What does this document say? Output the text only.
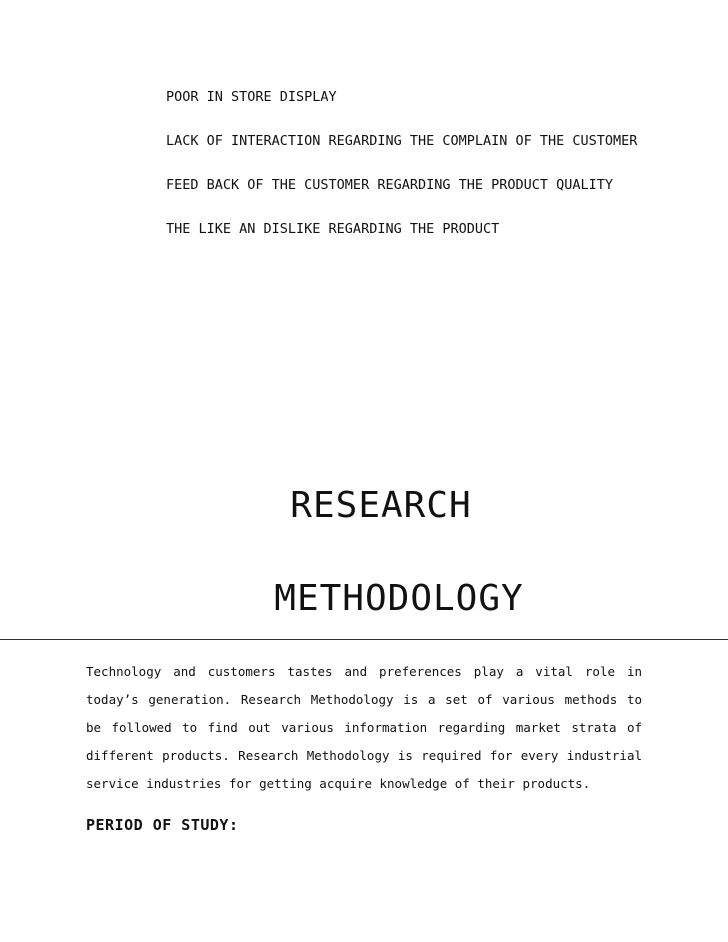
POOR IN STORE DISPLAY
LACK OF INTERACTION REGARDING THE COMPLAIN OF THE CUSTOMER
FEED BACK OF THE CUSTOMER REGARDING THE PRODUCT QUALITY
THE LIKE AN DISLIKE REGARDING THE PRODUCT
RESEARCH
METHODOLOGY

Technology and customers tastes and preferences play a vital role in today’s generation. Research Methodology is a set of various methods to be followed to find out various information regarding market strata of different products. Research Methodology is required for every industrial service industries for getting acquire knowledge of their products.

PERIOD OF STUDY:
